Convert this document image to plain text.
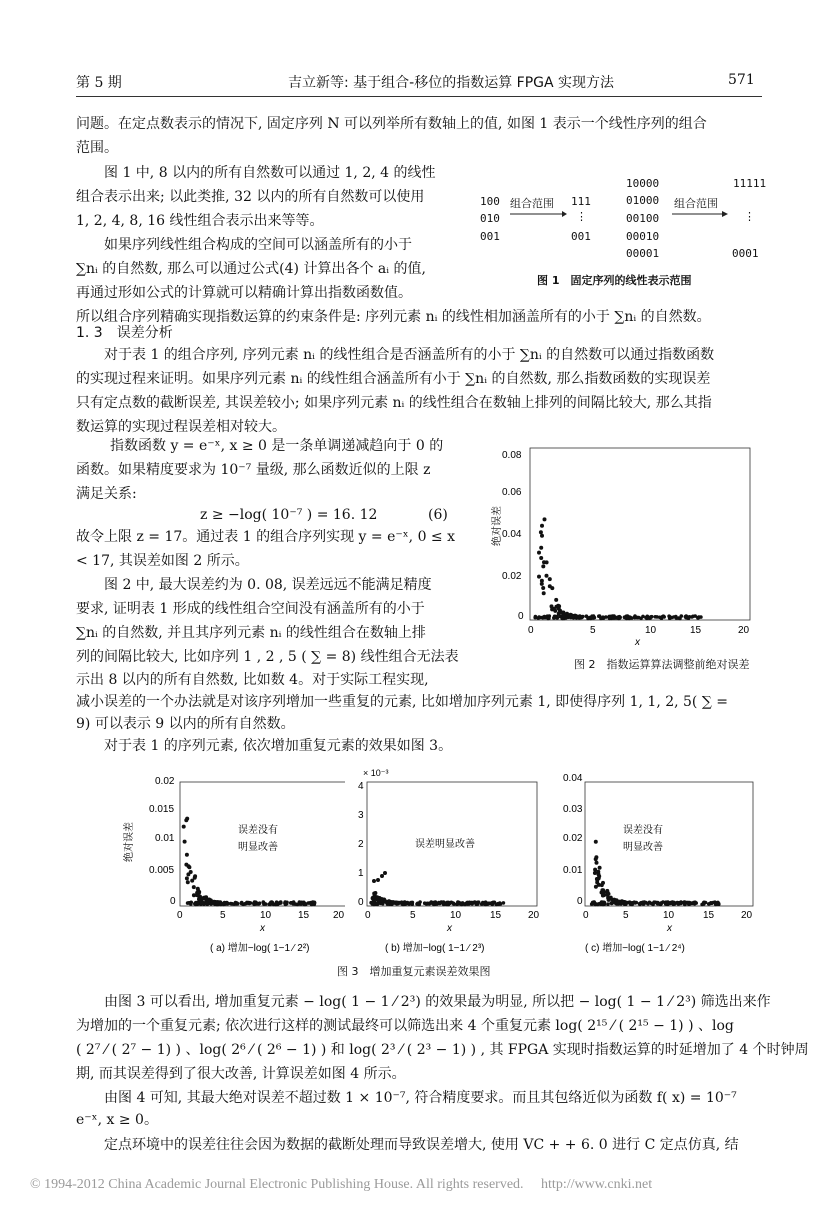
第 5 期	吉立新等: 基于组合-移位的指数运算 FPGA 实现方法	571
问题。在定点数表示的情况下, 固定序列 N 可以列举所有数轴上的值, 如图 1 表示一个线性序列的组合
范围。
图 1 中, 8 以内的所有自然数可以通过 1, 2, 4 的线性
组合表示出来; 以此类推, 32 以内的所有自然数可以使用
1, 2, 4, 8, 16 线性组合表示出来等等。
如果序列线性组合构成的空间可以涵盖所有的小于
∑nᵢ 的自然数, 那么可以通过公式(4) 计算出各个 aᵢ 的值,
再通过形如公式的计算就可以精确计算出指数函数值。
所以组合序列精确实现指数运算的约束条件是: 序列元素 nᵢ 的线性相加涵盖所有的小于 ∑nᵢ 的自然数。
100
010
001
组合范围 111
⋮
001
10000
01000
00100
00010
00001
组合范围
11111
⋮
0001
图 1　固定序列的线性表示范围
1. 3　误差分析
对于表 1 的组合序列, 序列元素 nᵢ 的线性组合是否涵盖所有的小于 ∑nᵢ 的自然数可以通过指数函数
的实现过程来证明。如果序列元素 nᵢ 的线性组合涵盖所有小于 ∑nᵢ 的自然数, 那么指数函数的实现误差
只有定点数的截断误差, 其误差较小; 如果序列元素 nᵢ 的线性组合在数轴上排列的间隔比较大, 那么其指
数运算的实现过程误差相对较大。
指数函数 y = e⁻ˣ, x ≥ 0 是一条单调递减趋向于 0 的
函数。如果精度要求为 10⁻⁷ 量级, 那么函数近似的上限 z
满足关系:
z ≥ −log( 10⁻⁷ ) = 16. 12	(6)
故令上限 z = 17。通过表 1 的组合序列实现 y = e⁻ˣ, 0 ≤ x
< 17, 其误差如图 2 所示。
图 2 中, 最大误差约为 0. 08, 误差远远不能满足精度
要求, 证明表 1 形成的线性组合空间没有涵盖所有的小于
∑nᵢ 的自然数, 并且其序列元素 nᵢ 的线性组合在数轴上排
列的间隔比较大, 比如序列 1 , 2 , 5 ( ∑ = 8) 线性组合无法表
示出 8 以内的所有自然数, 比如数 4。对于实际工程实现,
减小误差的一个办法就是对该序列增加一些重复的元素, 比如增加序列元素 1, 即使得序列 1, 1, 2, 5( ∑ =
9) 可以表示 9 以内的所有自然数。
对于表 1 的序列元素, 依次增加重复元素的效果如图 3。
绝对误差
0.08
0.06
0.04
0.02
0
0	5	10	15	20
x
图 2　指数运算算法调整前绝对误差
绝对误差
0.02
0.015
0.01
0.005
0
0	5	10	15 20
x
误差没有
明显改善
( a) 增加−log( 1−1 ⁄ 2²)
× 10⁻³
4
3
2
1
0
0	5	10	15	20
x
误差明显改善
( b) 增加−log( 1−1 ⁄ 2³)
0.04
0.03
0.02
0.01
0
0	5	10	15	20
x
误差没有
明显改善
( c) 增加−log( 1−1 ⁄ 2⁴)
图 3　增加重复元素误差效果图
由图 3 可以看出, 增加重复元素 − log( 1 − 1 ⁄ 2³) 的效果最为明显, 所以把 − log( 1 − 1 ⁄ 2³) 筛选出来作
为增加的一个重复元素; 依次进行这样的测试最终可以筛选出来 4 个重复元素 log( 2¹⁵ ⁄ ( 2¹⁵ − 1) ) 、log
( 2⁷ ⁄ ( 2⁷ − 1) ) 、log( 2⁶ ⁄ ( 2⁶ − 1) ) 和 log( 2³ ⁄ ( 2³ − 1) ) , 其 FPGA 实现时指数运算的时延增加了 4 个时钟周
期, 而其误差得到了很大改善, 计算误差如图 4 所示。
由图 4 可知, 其最大绝对误差不超过数 1 × 10⁻⁷, 符合精度要求。而且其包络近似为函数 f( x) = 10⁻⁷
e⁻ˣ, x ≥ 0。
定点环境中的误差往往会因为数据的截断处理而导致误差增大, 使用 VC + + 6. 0 进行 C 定点仿真, 结
© 1994-2012 China Academic Journal Electronic Publishing House. All rights reserved.　 http://www.cnki.net
